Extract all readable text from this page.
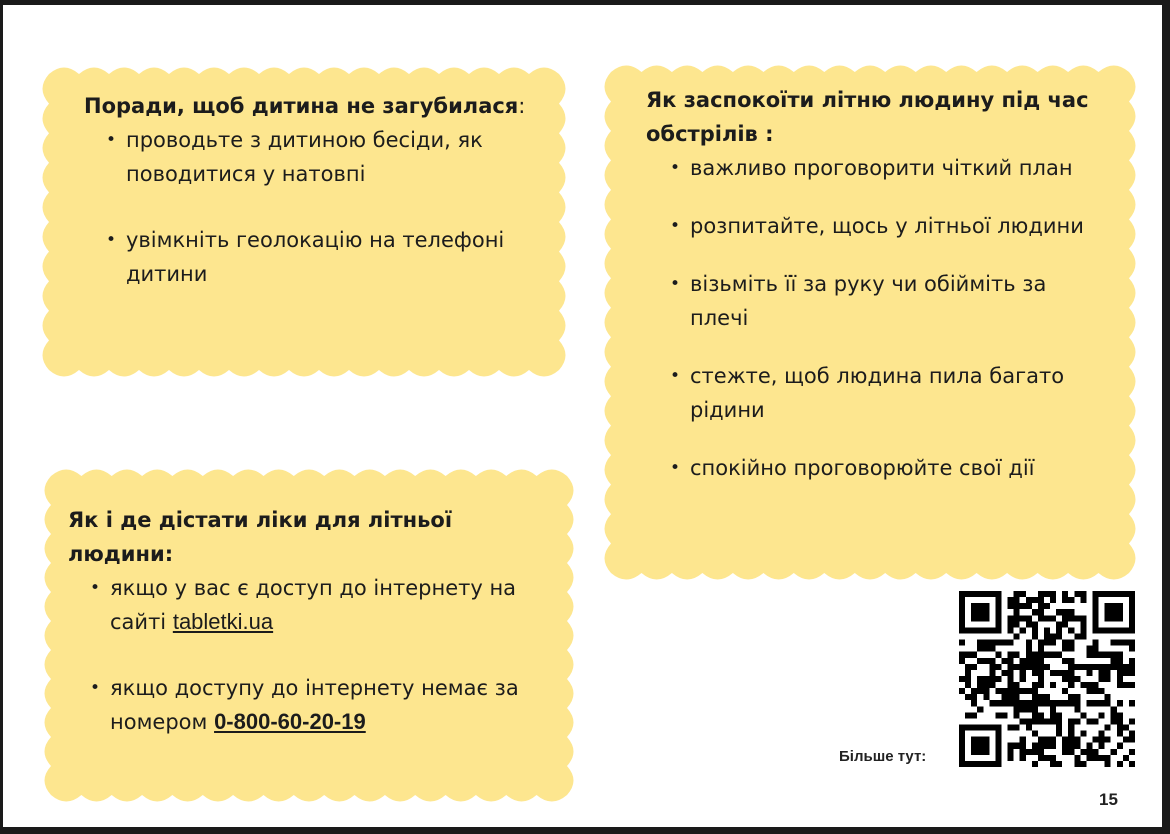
Поради, щоб дитина не загубилася:

• проводьте з дитиною бесіди, як поводитися у натовпі
• увімкніть геолокацію на телефоні дитини

Як заспокоїти літню людину під час обстрілів :

• важливо проговорити чіткий план
• розпитайте, щось у літньої людини
• візьміть її за руку чи обійміть за плечі
• стежте, щоб людина пила багато рідини
• спокійно проговорюйте свої дії

Як і де дістати ліки для літньої людини:

• якщо у вас є доступ до інтернету на сайті tabletki.ua
• якщо доступу до інтернету немає за номером 0-800-60-20-19
Більше тут:
15
